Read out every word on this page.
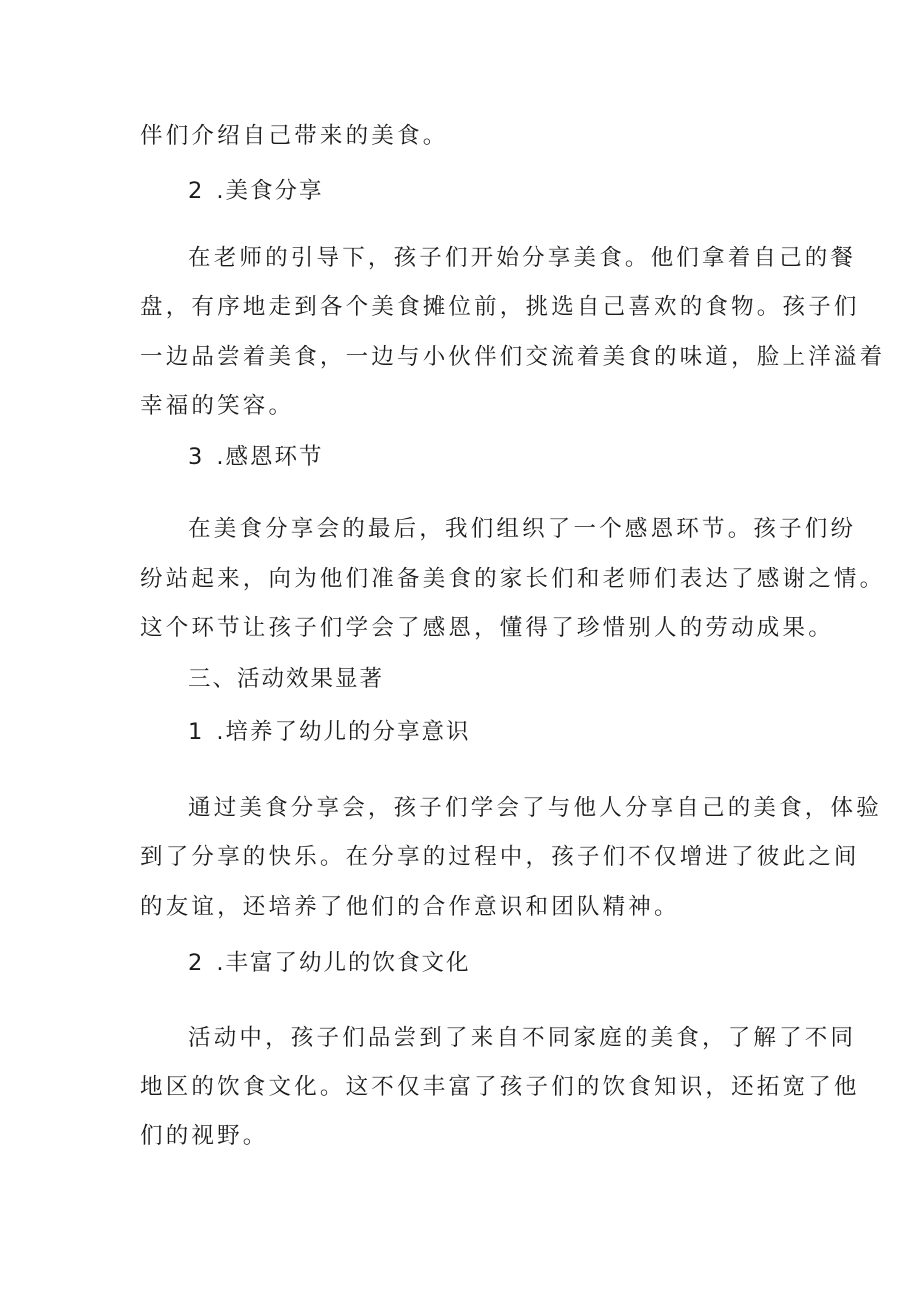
伴们介绍自己带来的美食。
2 .美食分享
在老师的引导下，孩子们开始分享美食。他们拿着自己的餐
盘，有序地走到各个美食摊位前，挑选自己喜欢的食物。孩子们
一边品尝着美食，一边与小伙伴们交流着美食的味道，脸上洋溢着
幸福的笑容。
3 .感恩环节
在美食分享会的最后，我们组织了一个感恩环节。孩子们纷
纷站起来，向为他们准备美食的家长们和老师们表达了感谢之情。
这个环节让孩子们学会了感恩，懂得了珍惜别人的劳动成果。
三、活动效果显著
1 .培养了幼儿的分享意识
通过美食分享会，孩子们学会了与他人分享自己的美食，体验
到了分享的快乐。在分享的过程中，孩子们不仅增进了彼此之间
的友谊，还培养了他们的合作意识和团队精神。
2 .丰富了幼儿的饮食文化
活动中，孩子们品尝到了来自不同家庭的美食，了解了不同
地区的饮食文化。这不仅丰富了孩子们的饮食知识，还拓宽了他
们的视野。
